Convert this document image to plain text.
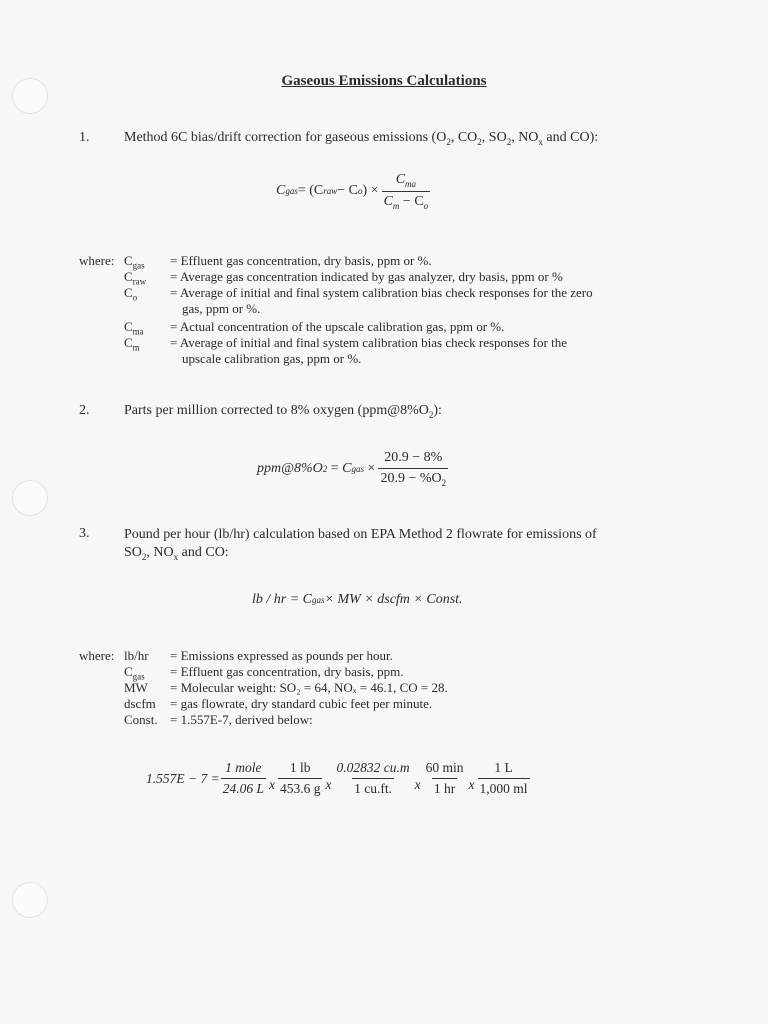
Gaseous Emissions Calculations
1. Method 6C bias/drift correction for gaseous emissions ($O_2$, $CO_2$, $SO_2$, $NO_x$ and CO):
C gas = (C raw − C o ) × $\frac{C_{ma}}{C_m - C_o}$
where: $C_{gas}$ = Effluent gas concentration, dry basis, ppm or %.
$C_{raw}$ = Average gas concentration indicated by gas analyzer, dry basis, ppm or %
$C_o$	= Average of initial and final system calibration bias check responses for the zero
gas, ppm or %.
$C_{ma}$ = Actual concentration of the upscale calibration gas, ppm or %.
$C_m$ = Average of initial and final system calibration bias check responses for the
upscale calibration gas, ppm or %.
2. Parts per million corrected to 8% oxygen $(ppm@8\%O_2)$:
ppm@8%O 2 = C gas × $\frac{20.9 - 8\%}{20.9 - \%O_2}$
3. Pound per hour (lb/hr) calculation based on EPA Method 2 flowrate for emissions of
$SO_2$, $NO_x$ and CO:
lb / hr = C gas × MW × dscfm × Const.
where: lb/hr = Emissions expressed as pounds per hour.
$C_{gas}$ = Effluent gas concentration, dry basis, ppm.
MW = Molecular weight: SO₂ = 64, NOₓ = 46.1, CO = 28.
dscfm = gas flowrate, dry standard cubic feet per minute.
Const. = 1.557E-7, derived below:
$1.557E - 7 = \frac{\text{1 mole}}{24.06 L}$ x $\frac{1 lb}{453.6 g}$ x $\frac{0.02832 cu.m}{1 cu.ft.}$ x $\frac{60 \min}{1 hr}$ x $\frac{1 L}{1,000 ml}$
